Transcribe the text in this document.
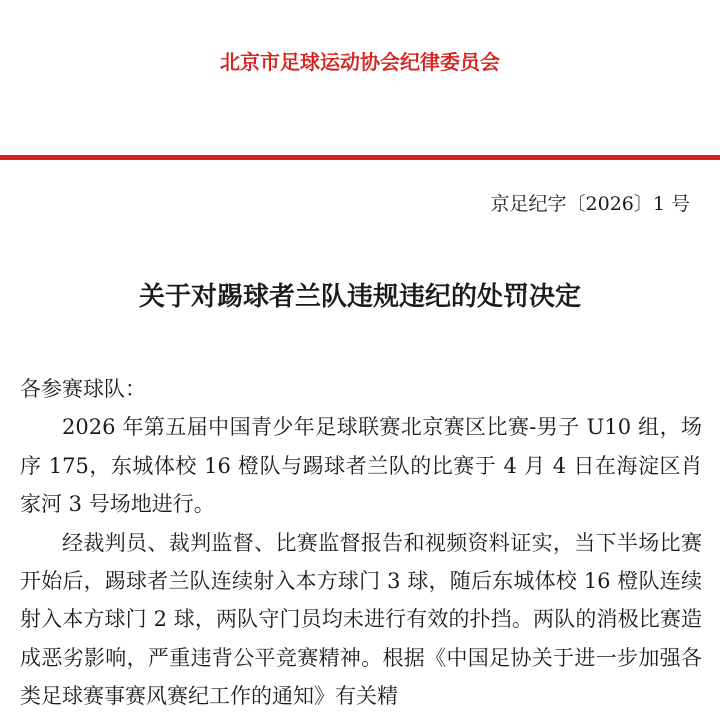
北京市足球运动协会纪律委员会
京足纪字〔2026〕1 号
关于对踢球者兰队违规违纪的处罚决定

各参赛球队：

2026 年第五届中国青少年足球联赛北京赛区比赛-男子 U10 组，场序 175，东城体校 16 橙队与踢球者兰队的比赛于 4 月 4 日在海淀区肖家河 3 号场地进行。

经裁判员、裁判监督、比赛监督报告和视频资料证实，当下半场比赛开始后，踢球者兰队连续射入本方球门 3 球，随后东城体校 16 橙队连续射入本方球门 2 球，两队守门员均未进行有效的扑挡。两队的消极比赛造成恶劣影响，严重违背公平竞赛精神。根据《中国足协关于进一步加强各类足球赛事赛风赛纪工作的通知》有关精
